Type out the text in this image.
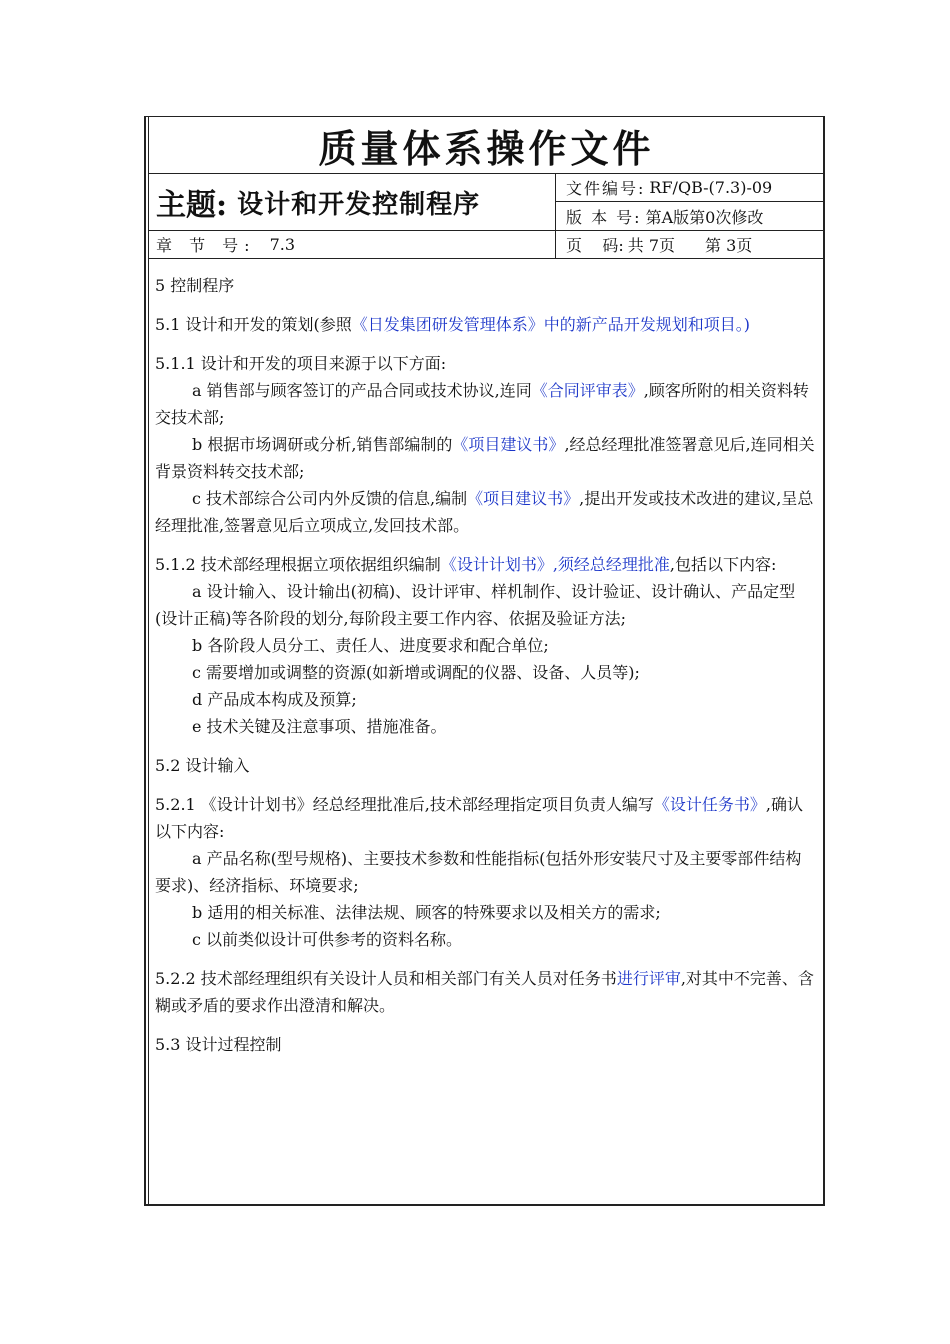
质量体系操作文件
主题: 设计和开发控制程序
文件编号: RF/QB-(7.3)-09
版 本 号: 第A版第0次修改
章 节 号: 7.3	页    码: 共 7页 第 3页

5 控制程序

5.1 设计和开发的策划(参照《日发集团研发管理体系》中的新产品开发规划和项目。)

5.1.1 设计和开发的项目来源于以下方面:

a 销售部与顾客签订的产品合同或技术协议,连同《合同评审表》,顾客所附的相关资料转交技术部;

b 根据市场调研或分析,销售部编制的《项目建议书》,经总经理批准签署意见后,连同相关背景资料转交技术部;

c 技术部综合公司内外反馈的信息,编制《项目建议书》,提出开发或技术改进的建议,呈总经理批准,签署意见后立项成立,发回技术部。

5.1.2 技术部经理根据立项依据组织编制《设计计划书》,须经总经理批准,包括以下内容:

a 设计输入、设计输出(初稿)、设计评审、样机制作、设计验证、设计确认、产品定型(设计正稿)等各阶段的划分,每阶段主要工作内容、依据及验证方法;

b 各阶段人员分工、责任人、进度要求和配合单位;

c 需要增加或调整的资源(如新增或调配的仪器、设备、人员等);

d 产品成本构成及预算;

e 技术关键及注意事项、措施准备。

5.2 设计输入

5.2.1 《设计计划书》经总经理批准后,技术部经理指定项目负责人编写《设计任务书》,确认以下内容:

a 产品名称(型号规格)、主要技术参数和性能指标(包括外形安装尺寸及主要零部件结构要求)、经济指标、环境要求;

b 适用的相关标准、法律法规、顾客的特殊要求以及相关方的需求;

c 以前类似设计可供参考的资料名称。

5.2.2 技术部经理组织有关设计人员和相关部门有关人员对任务书进行评审,对其中不完善、含糊或矛盾的要求作出澄清和解决。

5.3 设计过程控制
